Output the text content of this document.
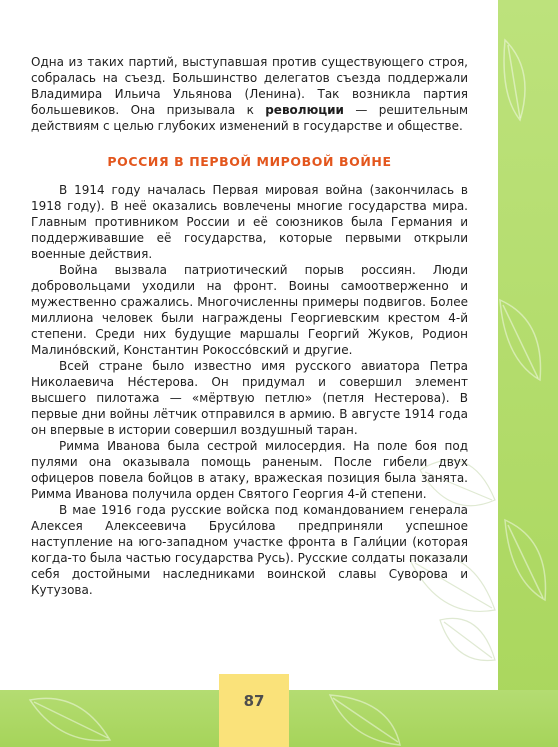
Одна из таких партий, выступавшая против существующего строя, собралась на съезд. Большинство делегатов съезда поддержали Владимира Ильича Ульянова (Ленина). Так возникла партия большевиков. Она призывала к революции — решительным действиям с целью глубоких изменений в государстве и обществе.

РОССИЯ В ПЕРВОЙ МИРОВОЙ ВОЙНЕ

В 1914 году началась Первая мировая война (закончилась в 1918 году). В неё оказались вовлечены многие государства мира. Главным противником России и её союзников была Германия и поддерживавшие её государства, которые первыми открыли военные действия.

Война вызвала патриотический порыв россиян. Люди добровольцами уходили на фронт. Воины самоотверженно и мужественно сражались. Многочисленны примеры подвигов. Более миллиона человек были награждены Георгиевским крестом 4-й степени. Среди них будущие маршалы Георгий Жуков, Родион Малино́вский, Константин Рокоссо́вский и другие.

Всей стране было известно имя русского авиатора Петра Николаевича Не́стерова. Он придумал и совершил элемент высшего пилотажа — «мёртвую петлю» (петля Нестерова). В первые дни войны лётчик отправился в армию. В августе 1914 года он впервые в истории совершил воздушный таран.

Римма Иванова была сестрой милосердия. На поле боя под пулями она оказывала помощь раненым. После гибели двух офицеров повела бойцов в атаку, вражеская позиция была занята. Римма Иванова получила орден Святого Георгия 4-й степени.

В мае 1916 года русские войска под командованием генерала Алексея Алексеевича Бруси́лова предприняли успешное наступление на юго-западном участке фронта в Гали́ции (которая когда-то была частью государства Русь). Русские солдаты показали себя достойными наследниками воинской славы Суворова и Кутузова.

87
